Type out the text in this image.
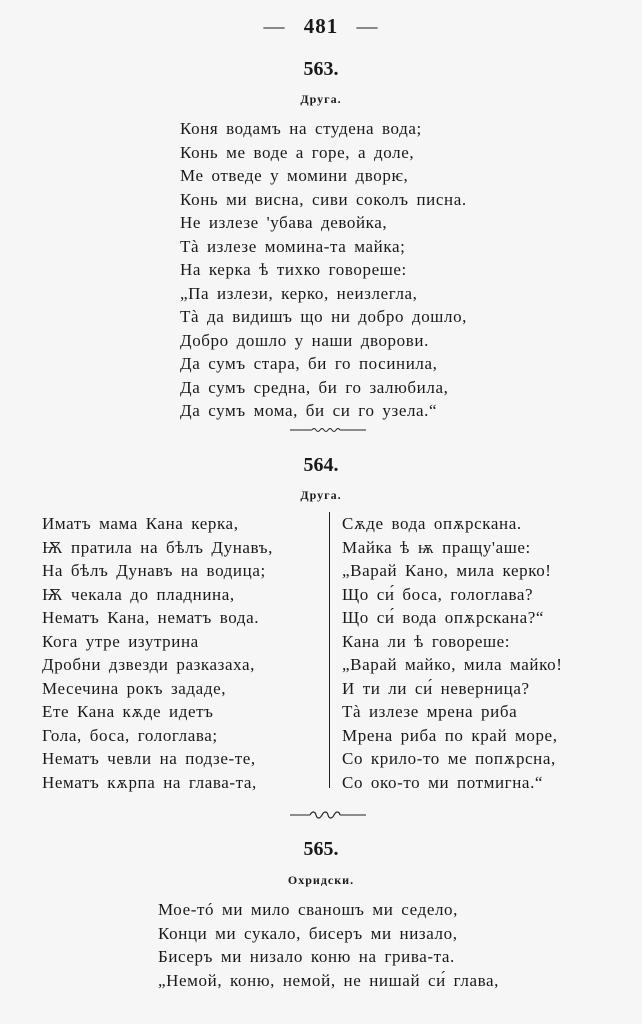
— 481 —
563.
Друга.
Коня водамъ на студена вода;
Конь ме воде а горе, а доле,
Ме отведе у момини дворѥ,
Конь ми висна, сиви соколъ писна.
Не излезе 'убава девойка,
Тà излезе момина-та майка;
На керка ѣ тихко говореше:
„Па излези, керко, неизлегла,
Тà да видишъ що ни добро дошло,
Добро дошло у наши дворови.
Да сумъ стара, би го посинила,
Да сумъ средна, би го залюбила,
Да сумъ мома, би си го узела.“
564.
Друга.
Иматъ мама Кана керка,
Ѭ пратила на бѣлъ Дунавъ,
На бѣлъ Дунавъ на водица;
Ѭ чекала до пладнина,
Нематъ Кана, нематъ вода.
Кога утре изутрина
Дробни дзвезди разказаха,
Месечина рокъ зададе,
Ете Кана кѫде идетъ
Гола, боса, гологлава;
Нематъ чевли на подзе-те,
Нематъ кѫрпа на глава-та,
Сѫде вода опѫрскана.
Майка ѣ ѭ пращу'аше:
„Варай Кано, мила керко!
Що си́ боса, гологлава?
Що си́ вода опѫрскана?“
Кана ли ѣ говореше:
„Варай майко, мила майко!
И ти ли си́ неверница?
Тà излезе мрена риба
Мрена риба по край море,
Со крило-то ме попѫрсна,
Со око-то ми потмигна.“
565.
Охридски.
Мое-тó ми мило сваношъ ми седело,
Конци ми сукало, бисеръ ми низало,
Бисеръ ми низало коню на грива-та.
„Немой, коню, немой, не нишай си́ глава,
